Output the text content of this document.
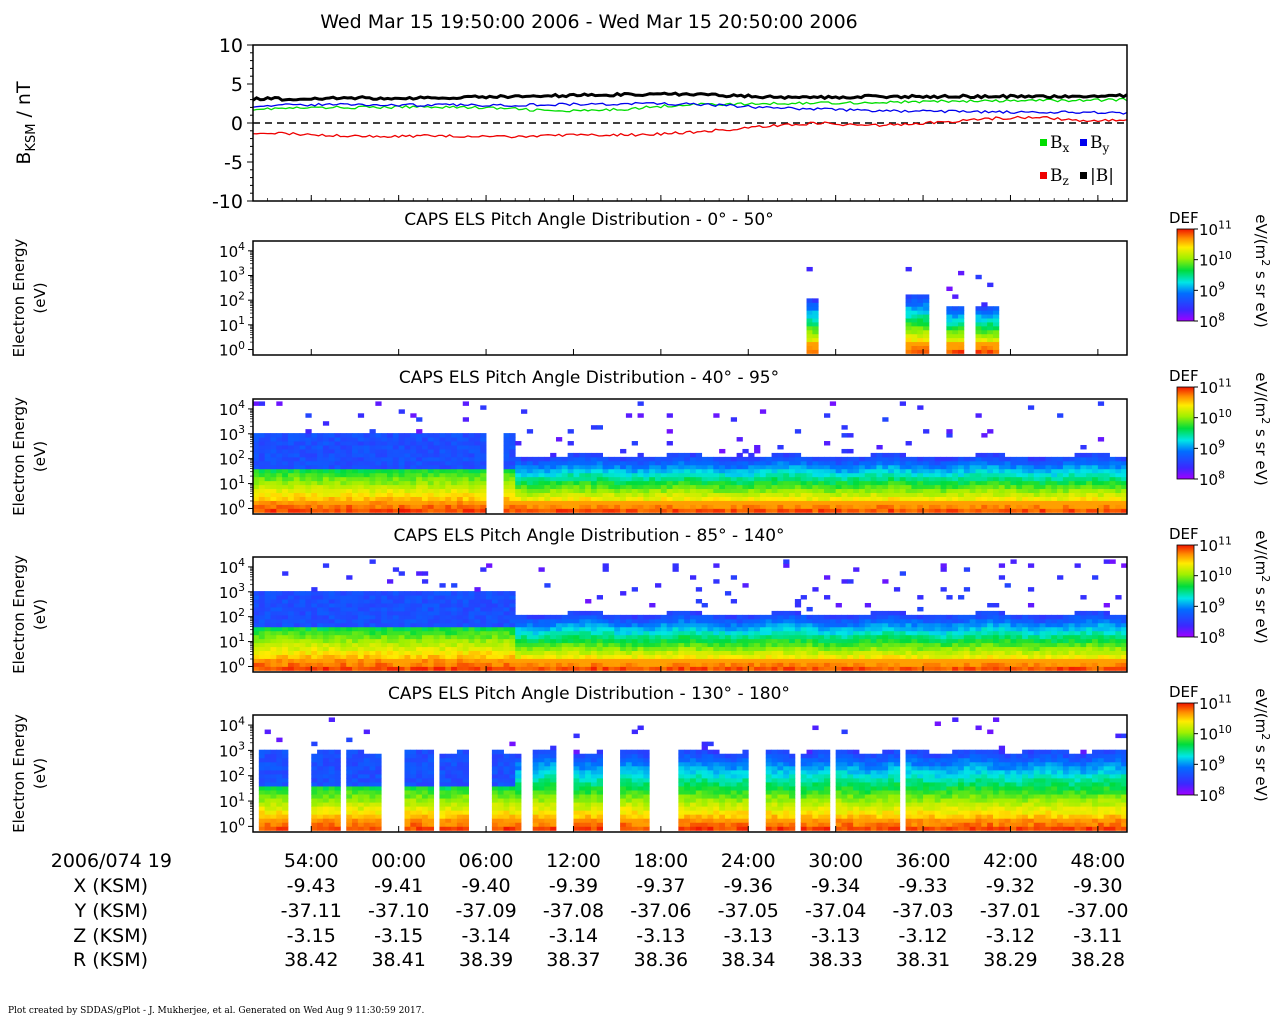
Wed Mar 15 19:50:00 2006 - Wed Mar 15 20:50:00 2006
10
5
0
-5
-10
$B_x$ $B_y$
$B_z$ |B|
$B_{KSM}$ / nT
CAPS ELS Pitch Angle Distribution - 0° - 50°
$10^4$
$10^3$
$10^2$
$10^1$
$10^0$
Electron Energy (eV)
DEF
$10^{11}$
$10^{10}$
$10^9$
$10^8$
$eV/(m^2$ s sr eV)
CAPS ELS Pitch Angle Distribution - 40° - 95°
$10^4$
$10^3$
$10^2$
$10^1$
$10^0$
Electron Energy (eV)
DEF
$10^{11}$
$10^{10}$
$10^9$
$10^8$
$eV/(m^2$ s sr eV)
CAPS ELS Pitch Angle Distribution - 85° - 140°
$10^4$
$10^3$
$10^2$
$10^1$
$10^0$
Electron Energy (eV)
DEF
$10^{11}$
$10^{10}$
$10^9$
$10^8$
$eV/(m^2$ s sr eV)
CAPS ELS Pitch Angle Distribution - 130° - 180°
$10^4$
$10^3$
$10^2$
$10^1$
$10^0$
Electron Energy (eV)
DEF
$10^{11}$
$10^{10}$
$10^9$
$10^8$
$eV/(m^2$ s sr eV)
2006/074 19	54:00 00:00 06:00 12:00 18:00 24:00 30:00 36:00 42:00 48:00
X (KSM)	-9.43 -9.41 -9.40 -9.39 -9.37 -9.36 -9.34 -9.33 -9.32 -9.30
Y (KSM)	-37.11 -37.10 -37.09 -37.08 -37.06 -37.05 -37.04 -37.03 -37.01 -37.00
Z (KSM)	-3.15 -3.15 -3.14 -3.14 -3.13 -3.13 -3.13 -3.12 -3.12 -3.11
R (KSM)	38.42 38.41 38.39 38.37 38.36 38.34 38.33 38.31 38.29 38.28
Plot created by SDDAS/gPlot - J. Mukherjee, et al. Generated on Wed Aug 9 11:30:59 2017.
